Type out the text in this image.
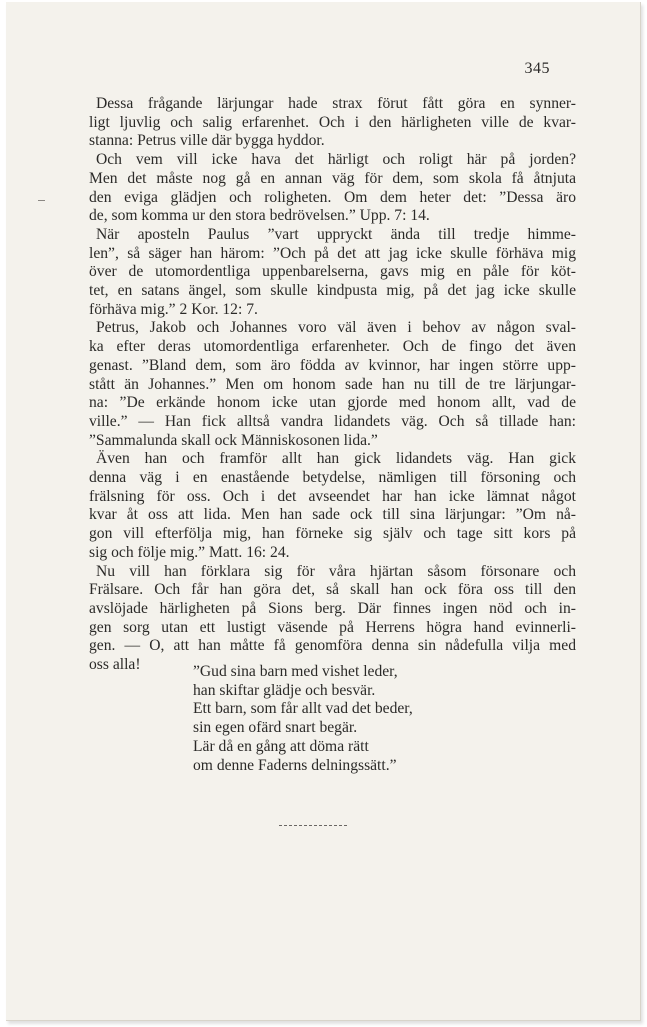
345
Dessa frågande lärjungar hade strax förut fått göra en synner-
ligt ljuvlig och salig erfarenhet. Och i den härligheten ville de kvar-
stanna: Petrus ville där bygga hyddor.
Och vem vill icke hava det härligt och roligt här på jorden?
Men det måste nog gå en annan väg för dem, som skola få åtnjuta
den eviga glädjen och roligheten. Om dem heter det: ”Dessa äro
de, som komma ur den stora bedrövelsen.” Upp. 7: 14.
När aposteln Paulus ”vart uppryckt ända till tredje himme-
len”, så säger han härom: ”Och på det att jag icke skulle förhäva mig
över de utomordentliga uppenbarelserna, gavs mig en påle för köt-
tet, en satans ängel, som skulle kindpusta mig, på det jag icke skulle
förhäva mig.” 2 Kor. 12: 7.
Petrus, Jakob och Johannes voro väl även i behov av någon sval-
ka efter deras utomordentliga erfarenheter. Och de fingo det även
genast. ”Bland dem, som äro födda av kvinnor, har ingen större upp-
stått än Johannes.” Men om honom sade han nu till de tre lärjungar-
na: ”De erkände honom icke utan gjorde med honom allt, vad de
ville.” — Han fick alltså vandra lidandets väg. Och så tillade han:
”Sammalunda skall ock Människosonen lida.”
Även han och framför allt han gick lidandets väg. Han gick
denna väg i en enastående betydelse, nämligen till försoning och
frälsning för oss. Och i det avseendet har han icke lämnat något
kvar åt oss att lida. Men han sade ock till sina lärjungar: ”Om nå-
gon vill efterfölja mig, han förneke sig själv och tage sitt kors på
sig och följe mig.” Matt. 16: 24.
Nu vill han förklara sig för våra hjärtan såsom försonare och
Frälsare. Och får han göra det, så skall han ock föra oss till den
avslöjade härligheten på Sions berg. Där finnes ingen nöd och in-
gen sorg utan ett lustigt väsende på Herrens högra hand evinnerli-
gen. — O, att han måtte få genomföra denna sin nådefulla vilja med
oss alla!	”Gud sina barn med vishet leder,
han skiftar glädje och besvär.
Ett barn, som får allt vad det beder,
sin egen ofärd snart begär.
Lär då en gång att döma rätt
om denne Faderns delningssätt.”
